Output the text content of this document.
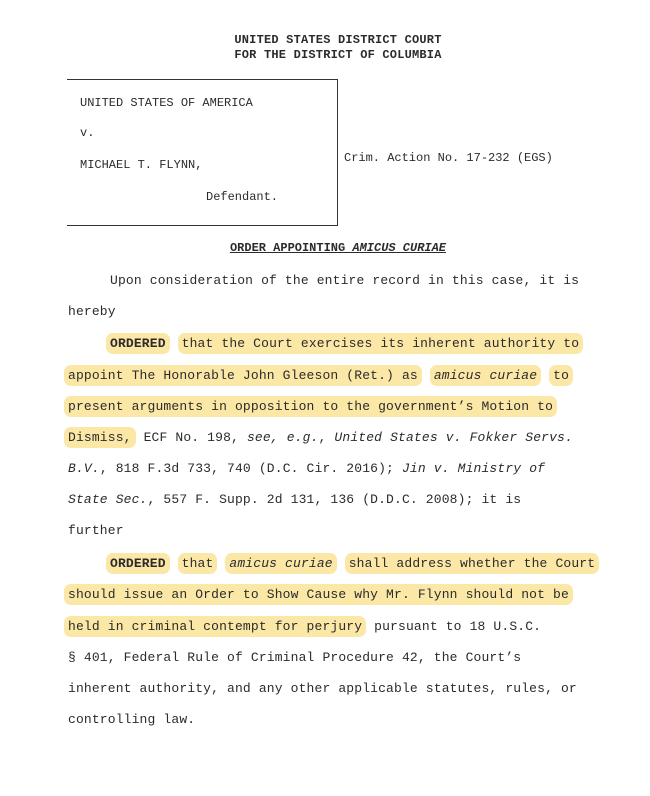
UNITED STATES DISTRICT COURT
FOR THE DISTRICT OF COLUMBIA
UNITED STATES OF AMERICA
v.
MICHAEL T. FLYNN,
Defendant.
Crim. Action No. 17-232 (EGS)
ORDER APPOINTING AMICUS CURIAE
Upon consideration of the entire record in this case, it is
hereby
ORDERED that the Court exercises its inherent authority to
appoint The Honorable John Gleeson (Ret.) as amicus curiae to
present arguments in opposition to the government’s Motion to
Dismiss, ECF No. 198, see, e.g., United States v. Fokker Servs.
B.V., 818 F.3d 733, 740 (D.C. Cir. 2016); Jin v. Ministry of
State Sec., 557 F. Supp. 2d 131, 136 (D.D.C. 2008); it is
further
ORDERED that amicus curiae shall address whether the Court
should issue an Order to Show Cause why Mr. Flynn should not be
held in criminal contempt for perjury pursuant to 18 U.S.C.
§ 401, Federal Rule of Criminal Procedure 42, the Court’s
inherent authority, and any other applicable statutes, rules, or
controlling law.
